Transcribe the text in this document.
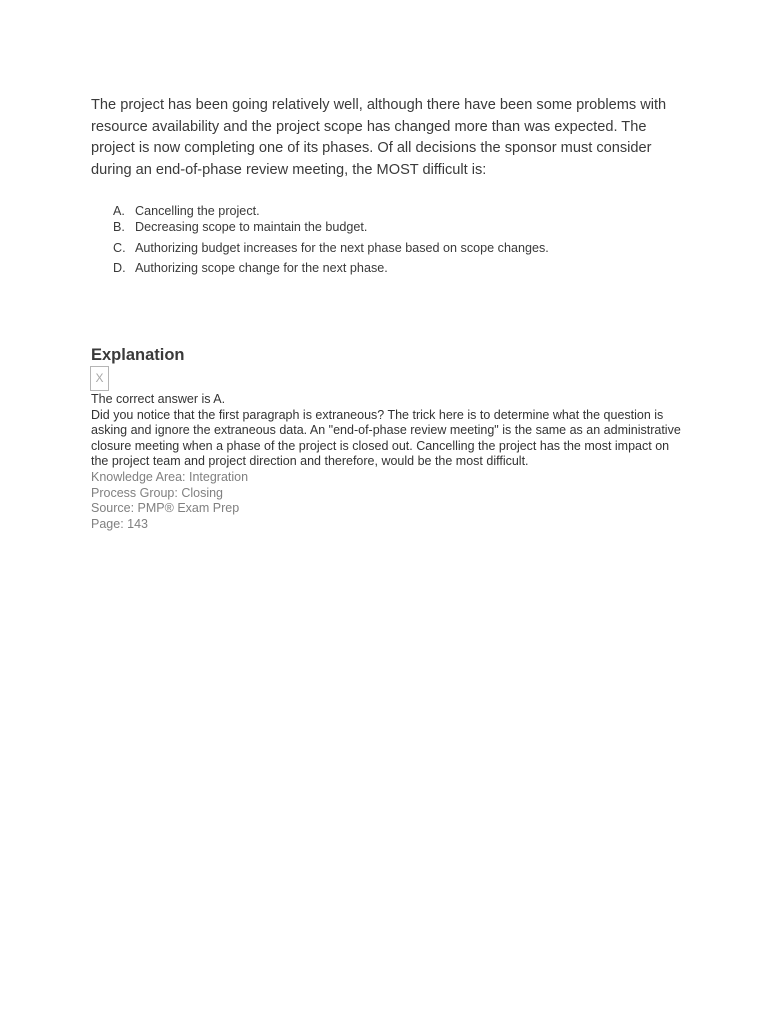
The project has been going relatively well, although there have been some problems with resource availability and the project scope has changed more than was expected. The project is now completing one of its phases. Of all decisions the sponsor must consider during an end-of-phase review meeting, the MOST difficult is:

A. Cancelling the project.
B. Decreasing scope to maintain the budget.
C. Authorizing budget increases for the next phase based on scope changes.
D. Authorizing scope change for the next phase.
Explanation
X

The correct answer is A.

Did you notice that the first paragraph is extraneous? The trick here is to determine what the question is asking and ignore the extraneous data. An "end-of-phase review meeting" is the same as an administrative closure meeting when a phase of the project is closed out. Cancelling the project has the most impact on the project team and project direction and therefore, would be the most difficult.

Knowledge Area: Integration

Process Group: Closing

Source: PMP® Exam Prep

Page: 143
